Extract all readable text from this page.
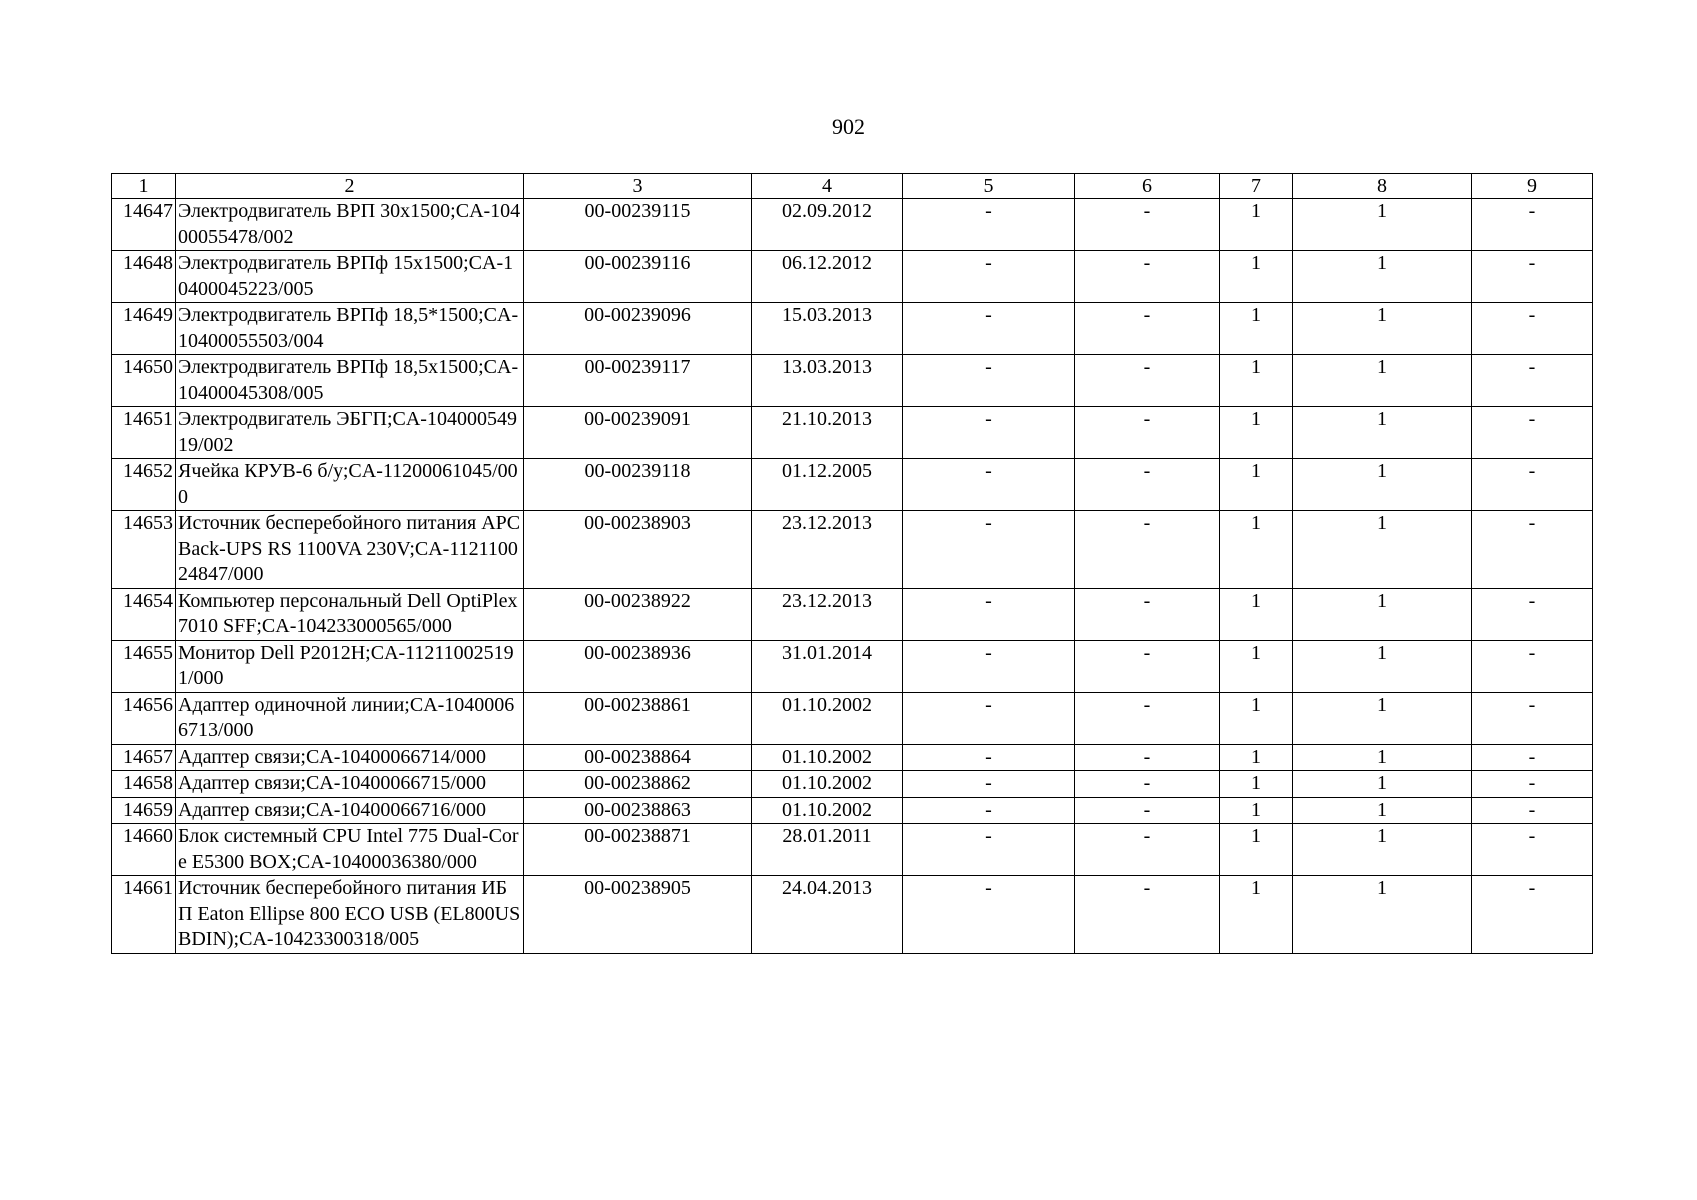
902
1	2	3	4	5	6	7	8	9
14647	Электродвигатель ВРП 30х1500;CA-10400055478/002	00-00239115	02.09.2012	-	-	1	1	-
14648	Электродвигатель ВРПф 15х1500;CA-10400045223/005	00-00239116	06.12.2012	-	-	1	1	-
14649	Электродвигатель ВРПф 18,5*1500;CA-10400055503/004	00-00239096	15.03.2013	-	-	1	1	-
14650	Электродвигатель ВРПф 18,5х1500;CA-10400045308/005	00-00239117	13.03.2013	-	-	1	1	-
14651	Электродвигатель ЭБГП;CA-10400054919/002	00-00239091	21.10.2013	-	-	1	1	-
14652	Ячейка КРУВ-6 б/у;CA-11200061045/000	00-00239118	01.12.2005	-	-	1	1	-
14653	Источник бесперебойного питания APC Back-UPS RS 1100VA 230V;CA-112110024847/000	00-00238903	23.12.2013	-	-	1	1	-
14654	Компьютер персональный Dell OptiPlex 7010 SFF;CA-104233000565/000	00-00238922	23.12.2013	-	-	1	1	-
14655	Монитор Dell P2012H;CA-112110025191/000	00-00238936	31.01.2014	-	-	1	1	-
14656	Адаптер одиночной линии;CA-10400066713/000	00-00238861	01.10.2002	-	-	1	1	-
14657	Адаптер связи;CA-10400066714/000	00-00238864	01.10.2002	-	-	1	1	-
14658	Адаптер связи;CA-10400066715/000	00-00238862	01.10.2002	-	-	1	1	-
14659	Адаптер связи;CA-10400066716/000	00-00238863	01.10.2002	-	-	1	1	-
14660	Блок системный CPU Intel 775 Dual-Core E5300 BOX;CA-10400036380/000	00-00238871	28.01.2011	-	-	1	1	-
14661	Источник бесперебойного питания ИБП Eaton Ellipse 800 ECO USB (EL800USBDIN);CA-10423300318/005	00-00238905	24.04.2013	-	-	1	1	-
